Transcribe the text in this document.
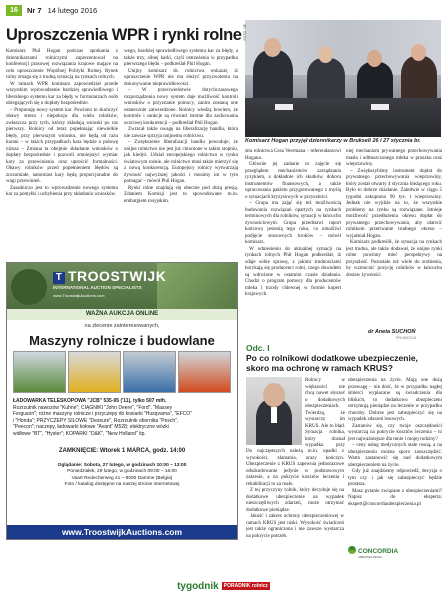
16	Nr 7 14 lutego 2016
Uproszczenia WPR i rynki rolne FOTO: UE
Komisarz Hogan przyjął dziennikarzy w Brukseli 26 i 27 stycznia br.

Komisarz Phil Hogan podczas spotkania z dziennikarzami rolniczymi zaprezentował na konferencji prasowej rozwiązania krajowe mające na celu uproszczenie Wspólnej Polityki Rolnej. Rynek rolny zmaga się z trudną sytuacją na rynkach rolnych.

W ramach WPR komisarz zapowiedział przede wszystkim wprowadzenie bardziej sprawiedliwego i liberalnego systemu kar za błędy w formularzach osób ubiegających się o dopłaty bezpośrednie.

– Proponuję nowy system kar. Powinno to skończyć obawy stresu i niepokoju dla wielu rolników, zwłaszcza przy tych, którzy składają wnioski po raz pierwszy. Rolnicy od teraz popełniając niewielkie błędy, przy pierwszym wniosku, nie będą od razu karani – w takich przypadkach kara będzie o połowę niższa – Zmiana ta obejmie składanie wniosków o dopłaty bezpośrednie i pozwoli zmniejszyć wymiar kary za przewinienia oraz uprościć formalności. Obawy rolników przed popełnieniem błędów są zrozumiałe, natomiast kary będą proporcjonalne do wagi przewinień.

Zasadniczo jest to wprowadzenie nowego systemu kar za pomyłki i uchybienia przy składaniu wniosków.

wego, bardziej sprawiedliwego systemu kar za błędy, a także trzy, silnej karki, czyli ostrzeżenia w przypadku pierwszego błędu – podkreślał Phil Hogan.

Unijny komisarz ds. rolnictwa wskazał, iż uproszczenie WPR nie ma służyć przyzwoleniu na dokonywanie nieprawidłowości.

– W przeciwieństwie dotychczasowego rozporządzenia nowy system daje możliwość kontroli wniosków o przyznanie pomocy, zanim zostaną one ostatecznie zatwierdzone. Rolnicy wiedzą bowiem, że kontrole i sankcje są również istotne dla zachowania uczciwej konkurencji – podkreślał Phil Hogan.

Zwracał także uwagę na liberalizację handlu, która nie zawsze sprzyja unijnemu rolnictwu.

– Zwiększenie liberalizacji handlu powoduje, że unijne rolnictwo nie jest już chronione w takim stopniu, jak kiedyś. Udział europejskiego rolnictwa w rynku światowym rośnie, ale rolnictwo musi także mierzyć się z nową konkurencją. Europejscy rolnicy wytwarzają żywność najwyższej jakości i musimy im w tym pomagać – mówił Phil Hogan.

Rynki rolne znajdują się obecnie pod dużą presją. Zdaniem Komisji jest to spowodowane m.in. embargiem rosyjskim.

stra rolnictwa Cesa Veermana – referendarzowi Hogana.

Głównie jej zadanie to zajęcie się przeglądem mechanizmów zarządzania ryzykiem, a dokładnie ich skutków, doboru instrumentów finansowych, a także opracowania pakietu przygotowanego z myślą o sytuacjach kryzysowych w przyszłości.

– Grupa ma zająć się też możliwością budowania rozwiązań opartych na rynkach terminowych dla rolników, sytuacji w łańcuchu żywnościowym. Grupa przedstawi raport końcowy jesienią tego roku, co umożliwi podjęcie stosownych kroków – mówił komisarz.

W odniesieniu do aktualnej sytuacji na rynkach rolnych Phil Hogan podkreślał, iż zdaje sobie sprawę, z jakimi trudnościami borykają się producenci rolni, czego dowodem są wdrożone w ostatnim czasie działania. Chodzi o program pomocy dla producentów mleka i trzody chlewnej w formie kopert krajowych.

niej mechanizm prywatnego przechowywania masła i odtłuszczonego mleka w proszku oraz wieprzowiny.

– Zwiększyliśmy instrument dopłat do prywatnego przechowywania wieprzowiny, który został otwarty 4 stycznia bieżącego roku. Było to dobrze działanie. Zaledwie w ciągu 5 tygodni zakupiono 90 tys. t wieprzowiny. Jednak nie wyjdzie na to, że wszystkie problemy na rynku są rozwiązane. Istnieje możliwość przedłużenia okresu dopłat do prywatnego przechowywania, aby ułatwić rolnikom przetrwanie trudnego okresu – wyjaśniał Hogan.

Komisarz podkreślił, że sytuacja na rynkach jest trudna, ale także dodawał, że unijne rynki rolne powinny mieć perspektywy na przyszłość. Pozostało też wiele do zrobienia, by wzmocnić pozycję rolników w łańcuchu dostaw żywności.

dr Aneta SUCHOŃ
T TROOSTWIJK
INTERNATIONAL AUCTION SPECIALISTS
www.TroostwijkAuctions.com
WAŻNA AUKCJA ONLINE
na zlecenie zainteresowanych,
Maszyny rolnicze i budowlane
ŁADOWARKA TELESKOPOWA "JCB" 535-95 ('11), tylko 507 mth.
Rozrzutnik nawozów "Kuhne"; CIĄGNIKI "John Deere", "Ford", "Massey
Ferguson"; różne maszyny rolnicze i przyczepy do kosiarki "Husqvarna", "EFCO"
i "Honda"; PRZYCZEPY SILOWE "Dezeure", Rozrzutnik obornika "Pesch",
"Peecon"; naczepy, ładowarki kołowe "Avant" M528; elektryczne wózki
widłowe "BT", "Hyster"; KOPARKI "O&K", "New Holland" itp.
ZAMKNIĘCIE: Wtorek 1 MARCA, godz. 14:00
Oglądanie: Sobota, 27 lutego, w godzinach 10:00 – 13:00
Poniedziałek, 29 lutego, w godzinach 09:00 – 16:00
Vaart Redecherweg 41 – 8000 Damme (Belgia)
Foto / katalog dostępne na naszej stronie internetowej
www.TroostwijkAuctions.com
PROMOCJA
Odc. I
Po co rolnikowi dodatkowe ubezpieczenie, skoro ma ochronę w ramach KRUS?

Rolnicy w większości nie chcą nawet słyszeć o dodatkowych ubezpieczeniach. Twierdzą, że wystarczy im KRUS. Ale to błąd. Sytuacja rolnika, który doznał wypadku przy

Do najczęstszych należą m.in. upadki z wysokości, złamania, urazy kończyn. Ubezpieczenie z KRUS zapewnia jednorazowe odszkodowanie jedynie w podstawowym zakresie, a na pokrycie kosztów leczenia i rehabilitacji to za mało.

Z tej przyczyny rolnik, który decyduje się na dodatkowe ubezpieczenie na wypadek nieszczęśliwych zdarzeń, może otrzymać dodatkowe pieniądze.

Jakość i zakres ochrony ubezpieczeniowej w ramach KRUS jest niski. Wysokość świadczeń jest także ograniczona i nie zawsze wystarcza na pokrycie potrzeb.

ubezpieczenia na życie. Mają one dużą przewagę – nie dość, że w przypadku nagłej śmierci wypłacane są świadczenia dla bliskich, to dodatkowo ubezpieczeni otrzymują pieniądze na leczenie w przypadku choroby. Dobrze jest zabezpieczyć się na wypadek zdarzeń losowych.

Zastanów się, czy twoje oszczędności wystarczą na pokrycie kosztów leczenia – to jest najważniejsze dla mnie i mojej rodziny?

– ceny usług medycznych stale rosną, a na ubezpieczeniu można sporo zaoszczędzić. Warto zastanowić się nad dodatkowym ubezpieczeniem na życie.

Gdy już znajdziemy odpowiedź, decyzja o tym czy i jak się zabezpieczyć będzie prostsza.

Masz pytanie związane z ubezpieczeniami? Napisz do eksperta: ekspert@concordiaubezpieczenia.pl

CONCORDIA
UBEZPIECZENIA
tygodnik	PORADNIK rolnicz
